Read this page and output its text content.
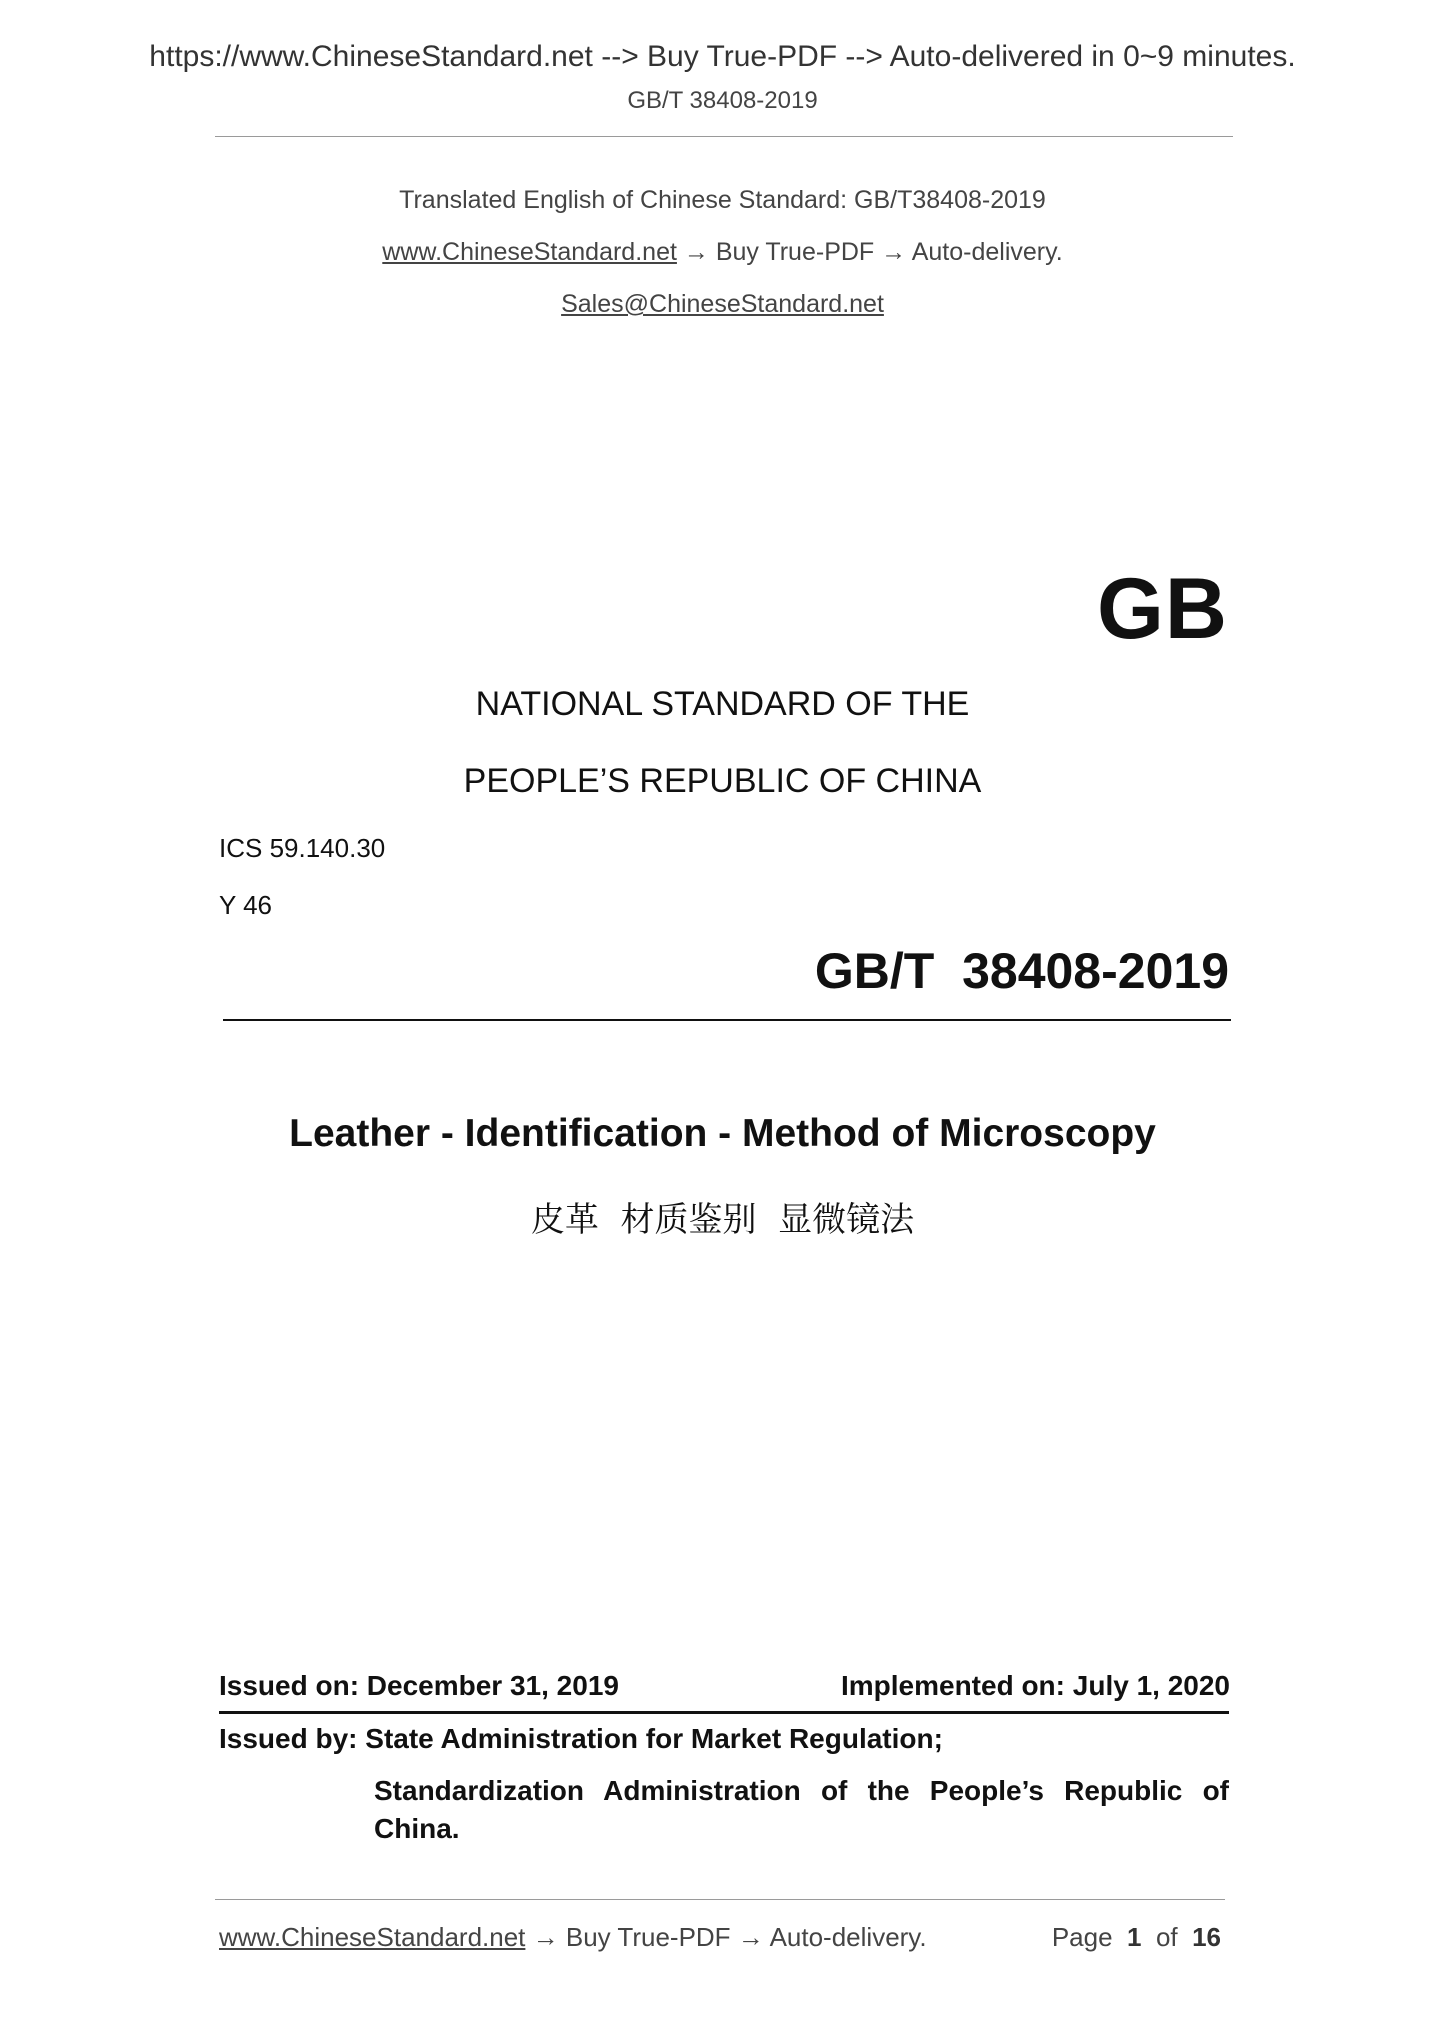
https://www.ChineseStandard.net --> Buy True-PDF --> Auto-delivered in 0~9 minutes.
GB/T 38408-2019
Translated English of Chinese Standard: GB/T38408-2019
www.ChineseStandard.net → Buy True-PDF → Auto-delivery.
Sales@ChineseStandard.net
GB
NATIONAL STANDARD OF THE
PEOPLE’S REPUBLIC OF CHINA
ICS 59.140.30
Y 46
GB/T  38408-2019
Leather - Identification - Method of Microscopy
皮革  材质鉴别  显微镜法
Issued on: December 31, 2019	Implemented on: July 1, 2020
Issued by: State Administration for Market Regulation;
Standardization Administration of the People’s Republic of
China.
www.ChineseStandard.net → Buy True-PDF → Auto-delivery.	Page 1 of 16
